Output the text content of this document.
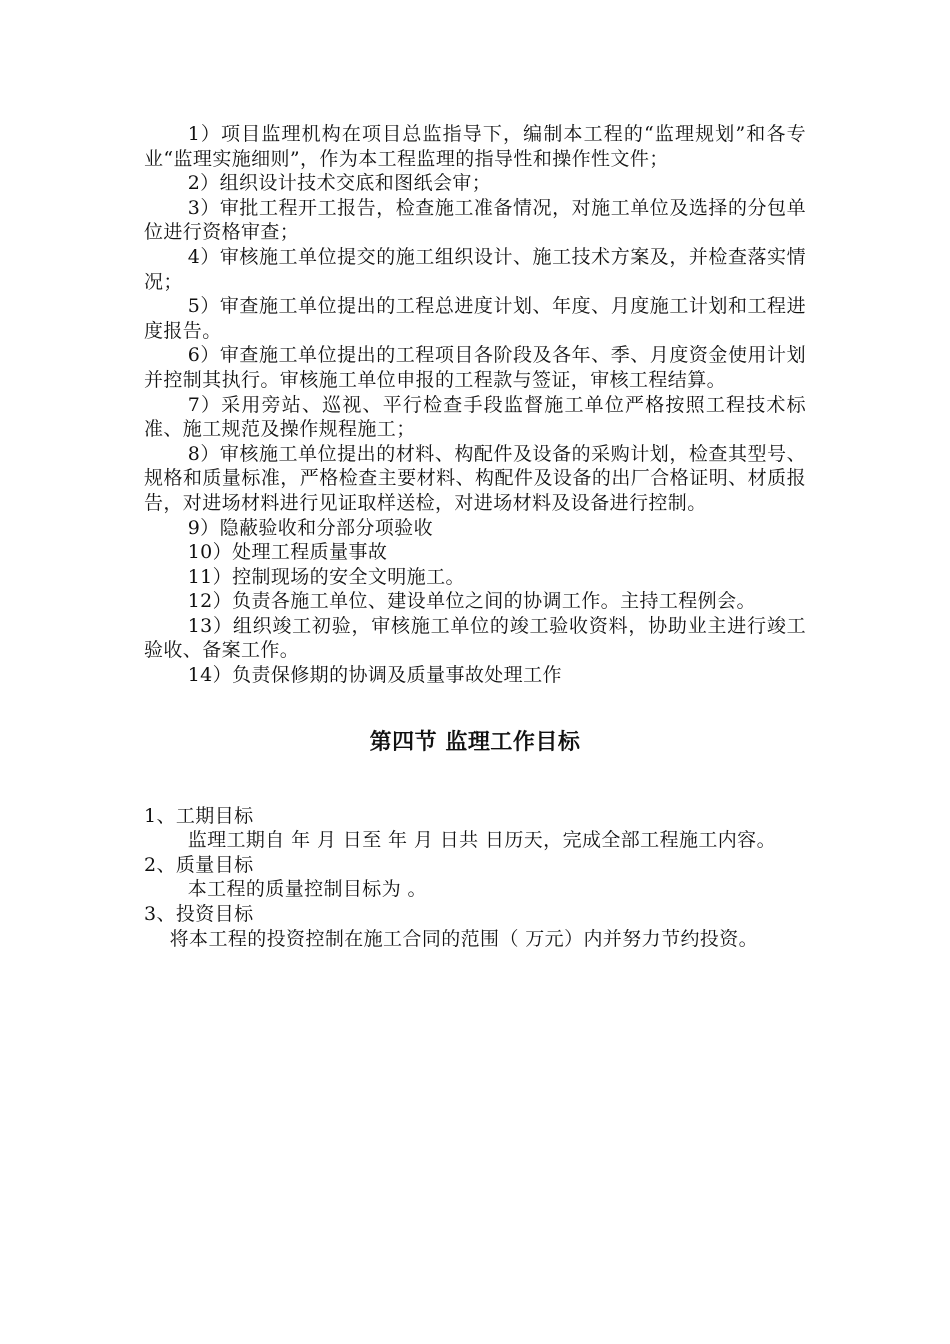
1）项目监理机构在项目总监指导下，编制本工程的“监理规划”和各专业“监理实施细则”，作为本工程监理的指导性和操作性文件；

2）组织设计技术交底和图纸会审；

3）审批工程开工报告，检查施工准备情况，对施工单位及选择的分包单位进行资格审查；

4）审核施工单位提交的施工组织设计、施工技术方案及，并检查落实情况；

5）审查施工单位提出的工程总进度计划、年度、月度施工计划和工程进度报告。

6）审查施工单位提出的工程项目各阶段及各年、季、月度资金使用计划并控制其执行。审核施工单位申报的工程款与签证，审核工程结算。

7）采用旁站、巡视、平行检查手段监督施工单位严格按照工程技术标准、施工规范及操作规程施工；

8）审核施工单位提出的材料、构配件及设备的采购计划，检查其型号、规格和质量标准，严格检查主要材料、构配件及设备的出厂合格证明、材质报告，对进场材料进行见证取样送检，对进场材料及设备进行控制。

9）隐蔽验收和分部分项验收

10）处理工程质量事故

11）控制现场的安全文明施工。

12）负责各施工单位、建设单位之间的协调工作。主持工程例会。

13）组织竣工初验，审核施工单位的竣工验收资料，协助业主进行竣工验收、备案工作。

14）负责保修期的协调及质量事故处理工作

第四节 监理工作目标

1、工期目标

监理工期自 年 月 日至 年 月 日共 日历天，完成全部工程施工内容。

2、质量目标

本工程的质量控制目标为 。

3、投资目标

将本工程的投资控制在施工合同的范围（ 万元）内并努力节约投资。
